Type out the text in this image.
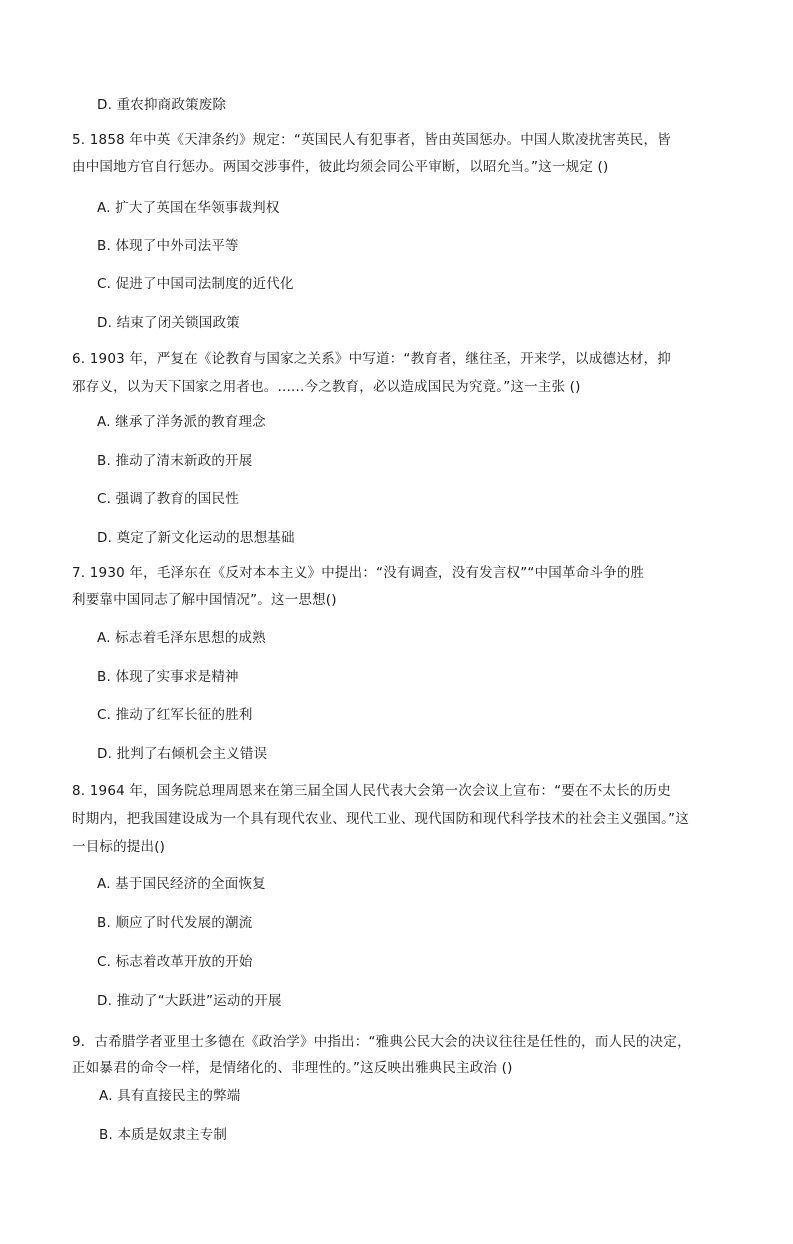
D. 重农抑商政策废除
5. 1858 年中英《天津条约》规定：“英国民人有犯事者，皆由英国惩办。中国人欺凌扰害英民，皆
由中国地方官自行惩办。两国交涉事件，彼此均须会同公平审断，以昭允当。”这一规定 ()
A. 扩大了英国在华领事裁判权
B. 体现了中外司法平等
C. 促进了中国司法制度的近代化
D. 结束了闭关锁国政策
6. 1903 年，严复在《论教育与国家之关系》中写道：“教育者，继往圣，开来学，以成德达材，抑
邪存义，以为天下国家之用者也。......今之教育，必以造成国民为究竟。”这一主张 ()
A. 继承了洋务派的教育理念
B. 推动了清末新政的开展
C. 强调了教育的国民性
D. 奠定了新文化运动的思想基础
7. 1930 年，毛泽东在《反对本本主义》中提出：“没有调查，没有发言权”“中国革命斗争的胜
利要靠中国同志了解中国情况”。这一思想()
A. 标志着毛泽东思想的成熟
B. 体现了实事求是精神
C. 推动了红军长征的胜利
D. 批判了右倾机会主义错误
8. 1964 年，国务院总理周恩来在第三届全国人民代表大会第一次会议上宣布：“要在不太长的历史
时期内，把我国建设成为一个具有现代农业、现代工业、现代国防和现代科学技术的社会主义强国。”这
一目标的提出()
A. 基于国民经济的全面恢复
B. 顺应了时代发展的潮流
C. 标志着改革开放的开始
D. 推动了“大跃进”运动的开展
9．古希腊学者亚里士多德在《政治学》中指出：“雅典公民大会的决议往往是任性的，而人民的决定，
正如暴君的命令一样，是情绪化的、非理性的。”这反映出雅典民主政治 ()
A. 具有直接民主的弊端
B. 本质是奴隶主专制
